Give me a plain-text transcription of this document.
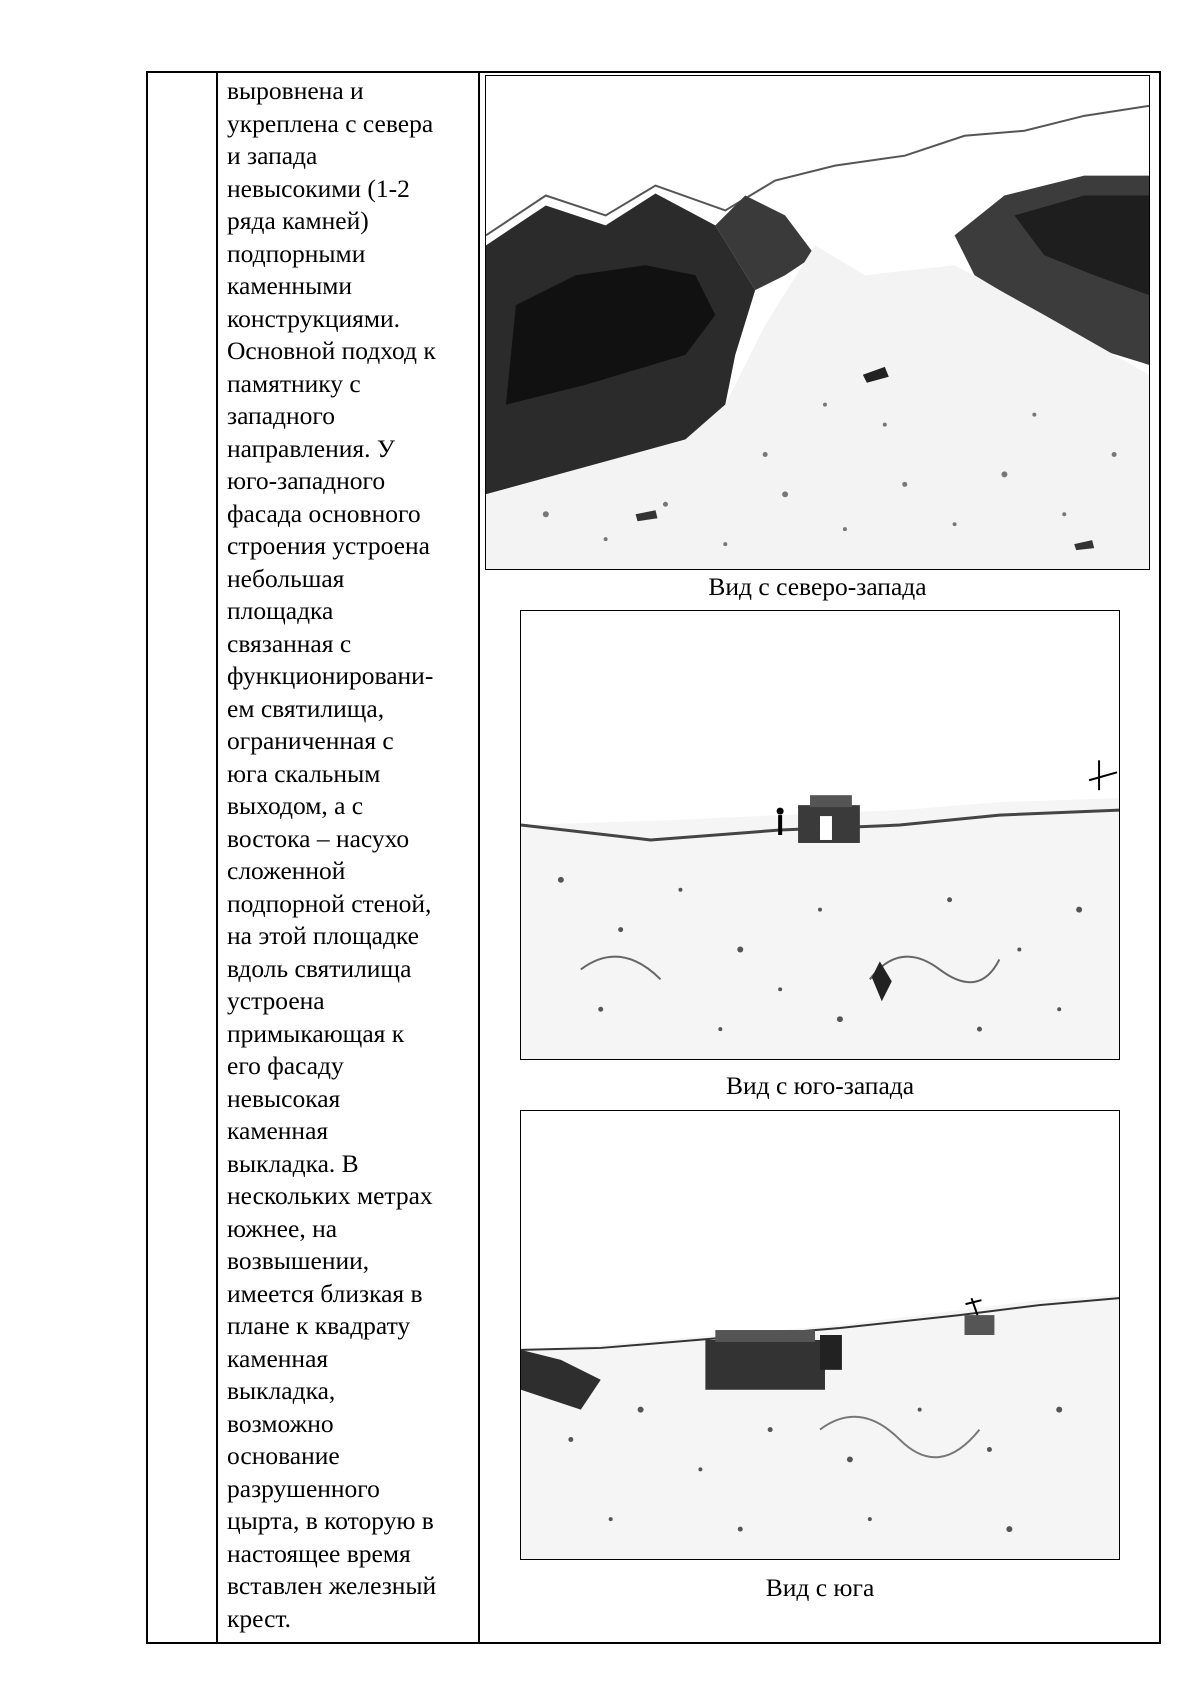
выровнена и
укреплена с севера
и запада
невысокими (1-2
ряда камней)
подпорными
каменными
конструкциями.
Основной подход к
памятнику с
западного
направления. У
юго-западного
фасада основного
строения устроена
небольшая
площадка
связанная с
функционировани-
ем святилища,
ограниченная с
юга скальным
выходом, а с
востока – насухо
сложенной
подпорной стеной,
на этой площадке
вдоль святилища
устроена
примыкающая к
его фасаду
невысокая
каменная
выкладка. В
нескольких метрах
южнее, на
возвышении,
имеется близкая в
плане к квадрату
каменная
выкладка,
возможно
основание
разрушенного
цырта, в которую в
настоящее время
вставлен железный
крест.
Вид с северо-запада
Вид с юго-запада
Вид с юга
